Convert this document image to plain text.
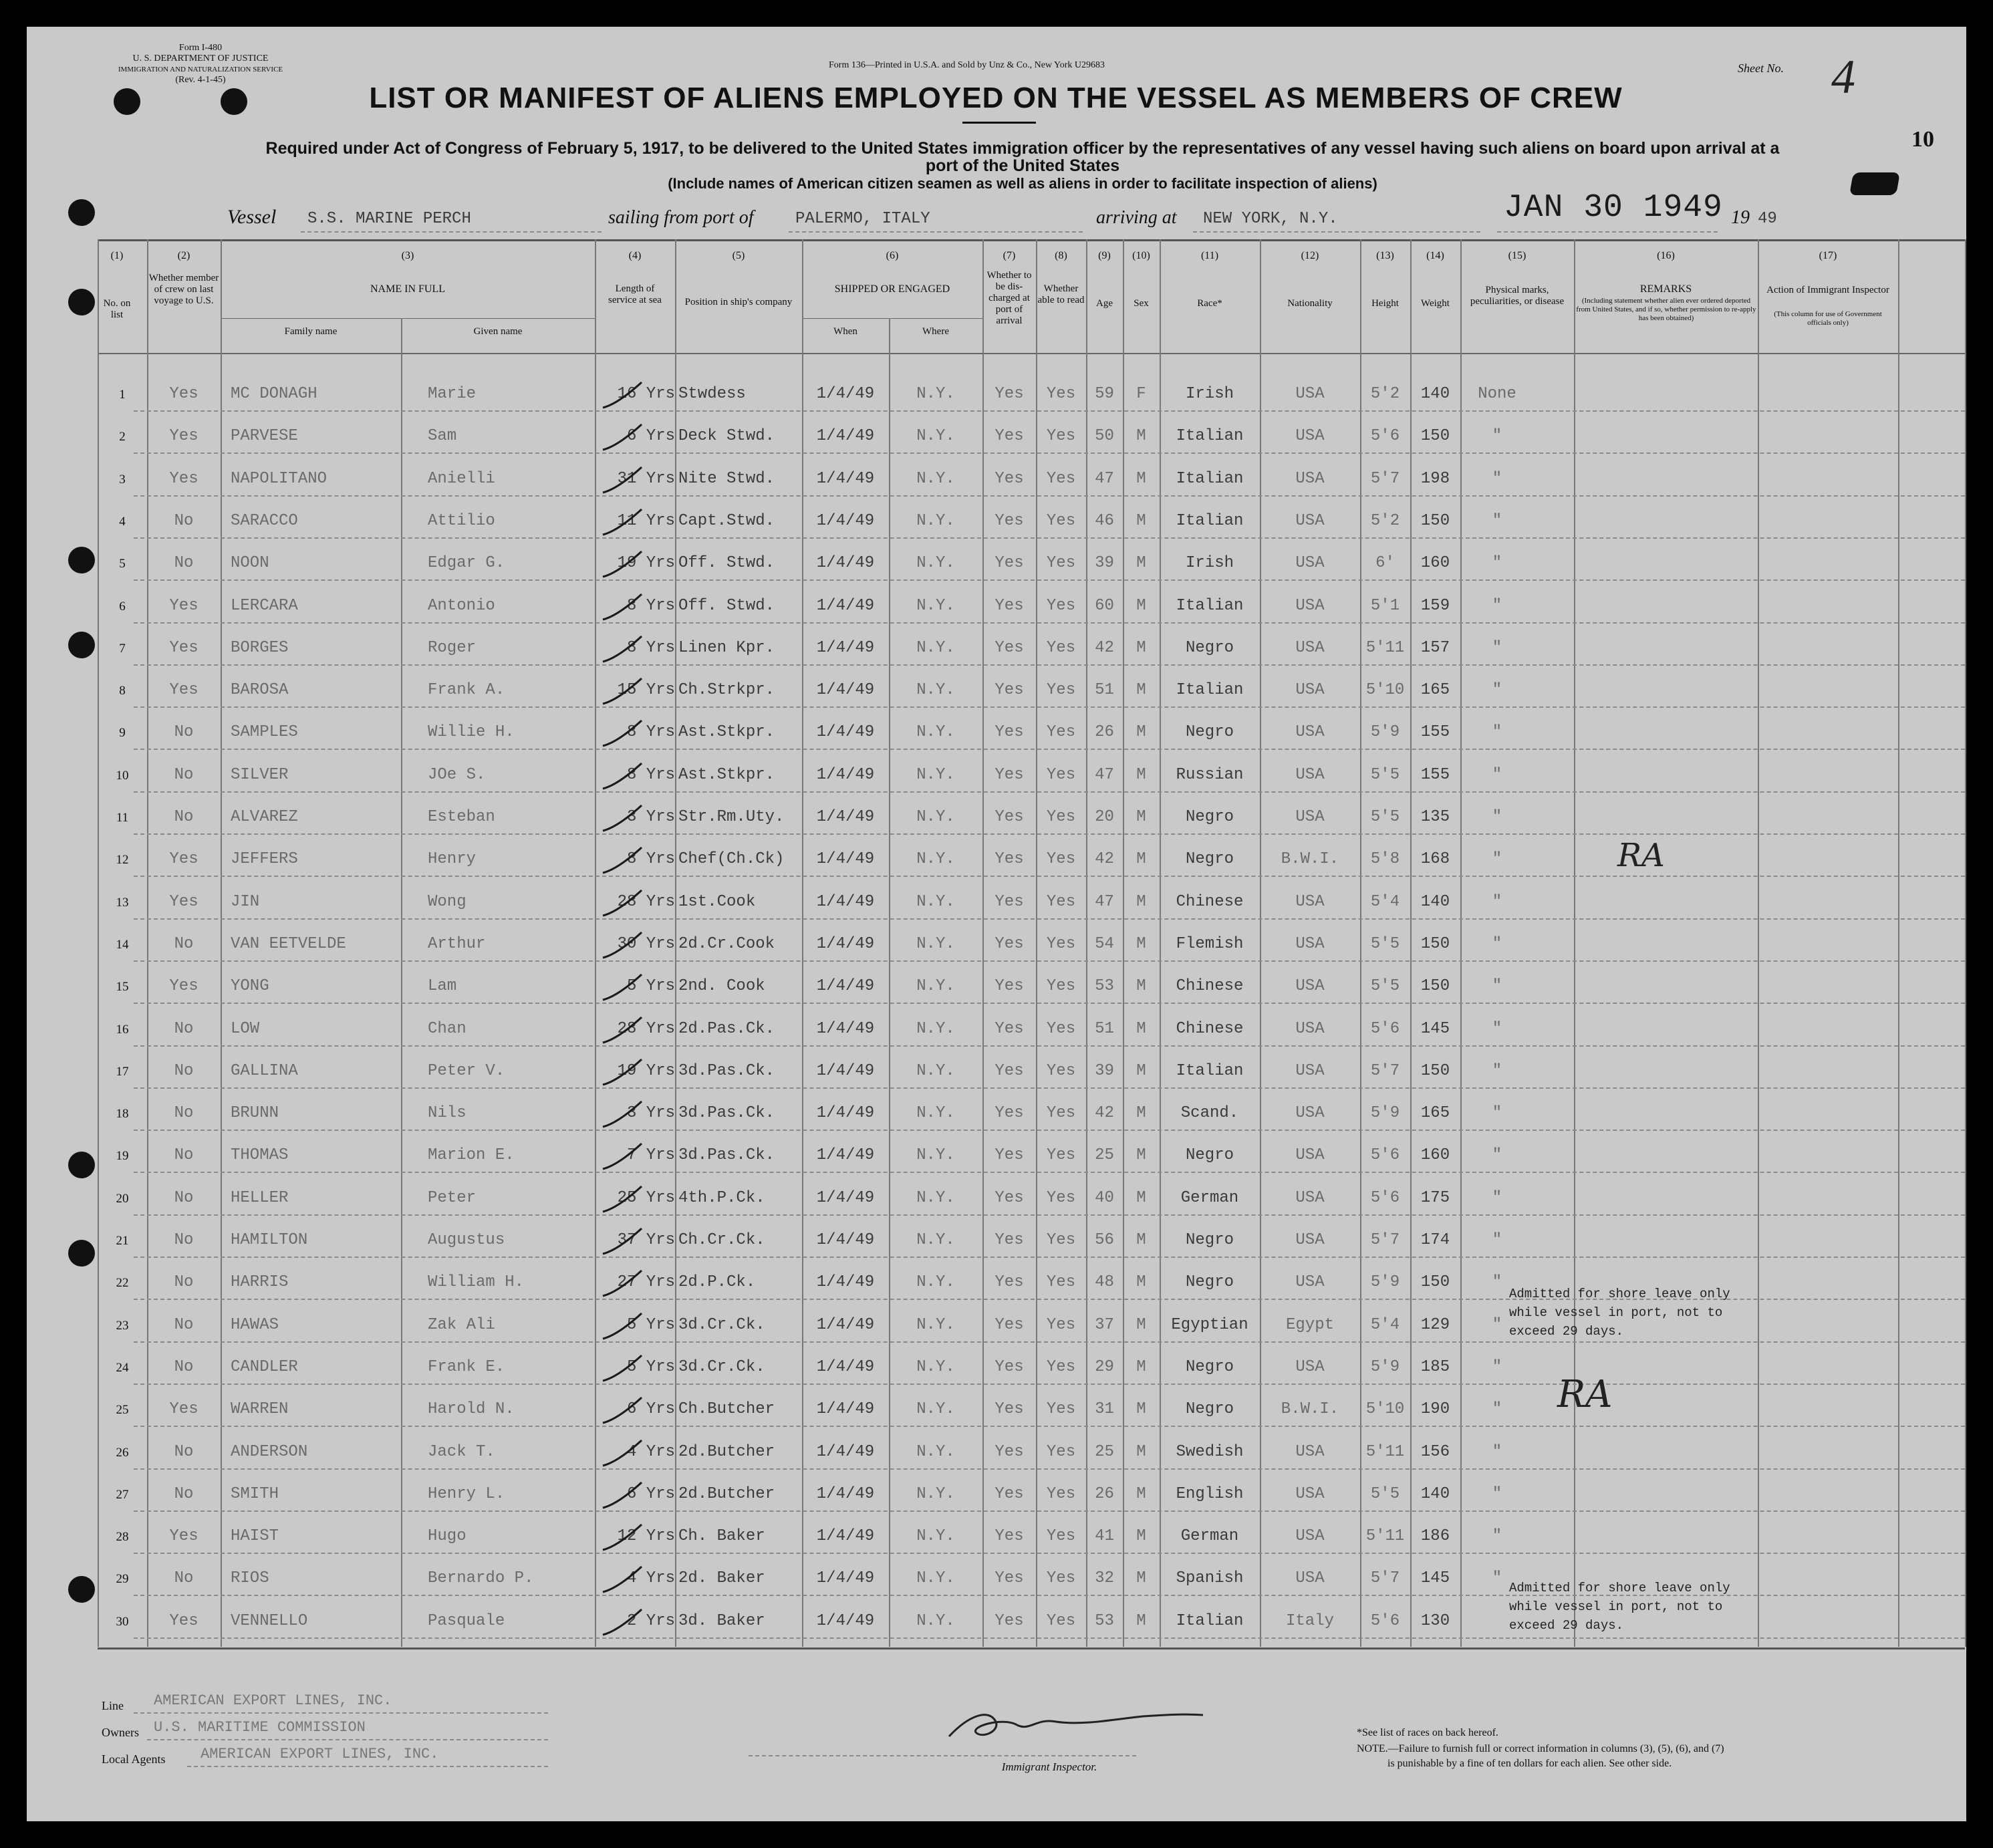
Form I-480
U. S. DEPARTMENT OF JUSTICE
IMMIGRATION AND NATURALIZATION SERVICE
(Rev. 4-1-45)
Form 136—Printed in U.S.A. and Sold by Unz & Co., New York U29683	Sheet No. 4
10
LIST OR MANIFEST OF ALIENS EMPLOYED ON THE VESSEL AS MEMBERS OF CREW
Required under Act of Congress of February 5, 1917, to be delivered to the United States immigration officer by the representatives of any vessel having such aliens on board upon arrival at a
port of the United States
(Include names of American citizen seamen as well as aliens in order to facilitate inspection of aliens)
Vessel S.S. MARINE PERCH	sailing from port of	PALERMO, ITALY	arriving at NEW YORK, N.Y.	JAN 30 1949 19 49
(1)
No. on list
(2)
Whether member of crew on last voyage to U.S.
(3)
NAME IN FULL
Family name	Given name
(4)
Length of service at sea
(5)
Position in ship's company
(6)
SHIPPED OR ENGAGED
When	Where
(7)
Whether to be dis-charged at port of arrival
(8)
Whether able to read
(9)
Age
(10)
Sex
(11)
Race*
(12)
Nationality
(13)
Height
(14)
Weight
(15)
Physical marks, peculiarities, or disease
(16)
REMARKS
(Including statement whether alien ever ordered deported from United States, and if so, whether permission to re-apply has been obtained)
(17)
Action of Immigrant Inspector
(This column for use of Government officials only)
1	Yes	MC DONAGH	Marie	16 Yrs Stwdess	1/4/49	N.Y.	Yes	Yes	59	F	Irish	USA	5'2	140	None
2	Yes	PARVESE	Sam	6 Yrs Deck Stwd.	1/4/49	N.Y.	Yes	Yes	50	M	Italian	USA	5'6	150	"
3	Yes	NAPOLITANO	Anielli	31 Yrs Nite Stwd.	1/4/49	N.Y.	Yes	Yes	47	M	Italian	USA	5'7	198	"
4	No	SARACCO	Attilio	11 Yrs Capt.Stwd.	1/4/49	N.Y.	Yes	Yes	46	M	Italian	USA	5'2	150	"
5	No	NOON	Edgar G.	19 Yrs Off. Stwd.	1/4/49	N.Y.	Yes	Yes	39	M	Irish	USA	6'	160	"
6	Yes	LERCARA	Antonio	8 Yrs Off. Stwd.	1/4/49	N.Y.	Yes	Yes	60	M	Italian	USA	5'1	159	"
7	Yes	BORGES	Roger	8 Yrs Linen Kpr.	1/4/49	N.Y.	Yes	Yes	42	M	Negro	USA	5'11	157	"
8	Yes	BAROSA	Frank A.	15 Yrs Ch.Strkpr.	1/4/49	N.Y.	Yes	Yes	51	M	Italian	USA	5'10	165	"
9	No	SAMPLES	Willie H.	8 Yrs Ast.Stkpr.	1/4/49	N.Y.	Yes	Yes	26	M	Negro	USA	5'9	155	"
10	No	SILVER	JOe S.	8 Yrs Ast.Stkpr.	1/4/49	N.Y.	Yes	Yes	47	M	Russian	USA	5'5	155	"
11	No	ALVAREZ	Esteban	3 Yrs Str.Rm.Uty.	1/4/49	N.Y.	Yes	Yes	20	M	Negro	USA	5'5	135	"
12	Yes	JEFFERS	Henry	8 Yrs Chef(Ch.Ck)	1/4/49	N.Y.	Yes	Yes	42	M	Negro	B.W.I.	5'8	168	"
13	Yes	JIN	Wong	28 Yrs 1st.Cook	1/4/49	N.Y.	Yes	Yes	47	M	Chinese	USA	5'4	140	"
14	No	VAN EETVELDE	Arthur	30 Yrs 2d.Cr.Cook	1/4/49	N.Y.	Yes	Yes	54	M	Flemish	USA	5'5	150	"
15	Yes	YONG	Lam	5 Yrs 2nd. Cook	1/4/49	N.Y.	Yes	Yes	53	M	Chinese	USA	5'5	150	"
16	No	LOW	Chan	28 Yrs 2d.Pas.Ck.	1/4/49	N.Y.	Yes	Yes	51	M	Chinese	USA	5'6	145	"
17	No	GALLINA	Peter V.	19 Yrs 3d.Pas.Ck.	1/4/49	N.Y.	Yes	Yes	39	M	Italian	USA	5'7	150	"
18	No	BRUNN	Nils	3 Yrs 3d.Pas.Ck.	1/4/49	N.Y.	Yes	Yes	42	M	Scand.	USA	5'9	165	"
19	No	THOMAS	Marion E.	7 Yrs 3d.Pas.Ck.	1/4/49	N.Y.	Yes	Yes	25	M	Negro	USA	5'6	160	"
20	No	HELLER	Peter	25 Yrs 4th.P.Ck.	1/4/49	N.Y.	Yes	Yes	40	M	German	USA	5'6	175	"
21	No	HAMILTON	Augustus	37 Yrs Ch.Cr.Ck.	1/4/49	N.Y.	Yes	Yes	56	M	Negro	USA	5'7	174	"
22	No	HARRIS	William H.	27 Yrs 2d.P.Ck.	1/4/49	N.Y.	Yes	Yes	48	M	Negro	USA	5'9	150	"
23	No	HAWAS	Zak Ali	5 Yrs 3d.Cr.Ck.	1/4/49	N.Y.	Yes	Yes	37	M	Egyptian	Egypt	5'4	129	"
24	No	CANDLER	Frank E.	5 Yrs 3d.Cr.Ck.	1/4/49	N.Y.	Yes	Yes	29	M	Negro	USA	5'9	185	"
25	Yes	WARREN	Harold N.	6 Yrs Ch.Butcher	1/4/49	N.Y.	Yes	Yes	31	M	Negro	B.W.I.	5'10	190	"
26	No	ANDERSON	Jack T.	4 Yrs 2d.Butcher	1/4/49	N.Y.	Yes	Yes	25	M	Swedish	USA	5'11	156	"
27	No	SMITH	Henry L.	6 Yrs 2d.Butcher	1/4/49	N.Y.	Yes	Yes	26	M	English	USA	5'5	140	"
28	Yes	HAIST	Hugo	12 Yrs Ch. Baker	1/4/49	N.Y.	Yes	Yes	41	M	German	USA	5'11	186	"
29	No	RIOS	Bernardo P.	4 Yrs 2d. Baker	1/4/49	N.Y.	Yes	Yes	32	M	Spanish	USA	5'7	145	"
30	Yes	VENNELLO	Pasquale	2 Yrs 3d. Baker	1/4/49	N.Y.	Yes	Yes	53	M	Italian	Italy	5'6	130
RA
RA
Admitted for shore leave only
while vessel in port, not to
exceed 29 days.
Admitted for shore leave only
while vessel in port, not to
exceed 29 days.
Line AMERICAN EXPORT LINES, INC.
Owners U.S. MARITIME COMMISSION
Local Agents AMERICAN EXPORT LINES, INC.
Immigrant Inspector.
*See list of races on back hereof.
NOTE.—Failure to furnish full or correct information in columns (3), (5), (6), and (7)
is punishable by a fine of ten dollars for each alien. See other side.
